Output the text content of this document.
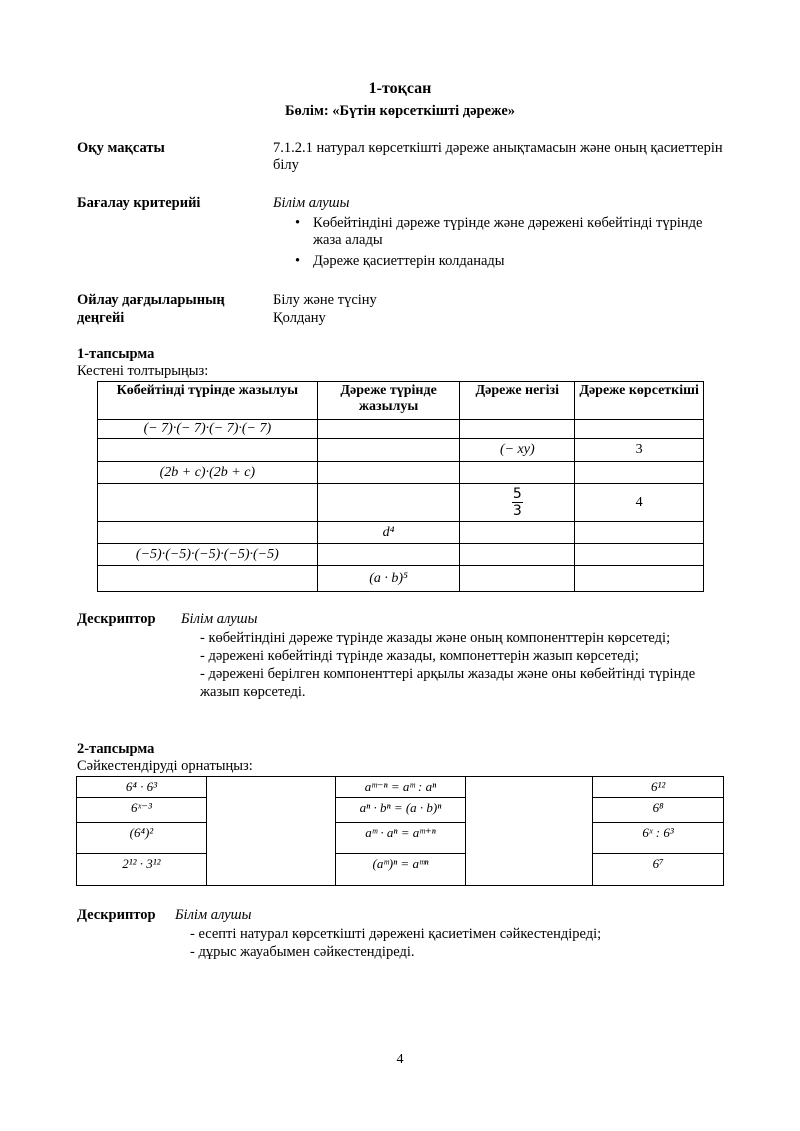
1-тоқсан
Бөлім: «Бүтін көрсеткішті дәреже»
Оқу мақсаты	7.1.2.1 натурал көрсеткішті дәреже анықтамасын және оның қасиеттерін білу
Бағалау критерийі	Білім алушы
• Көбейтіндіні дәреже түрінде және дәрежені көбейтінді түрінде жаза алады
• Дәреже қасиеттерін колданады
Ойлау дағдыларының
деңгейі
Білу және түсіну
Қолдану
1-тапсырма
Кестені толтырыңыз:
Көбейтінді түрінде жазылуы	Дәреже түрінде жазылуы	Дәреже негізі	Дәреже көрсеткіші
(− 7)·(− 7)·(− 7)·(− 7)			
		(− xy)	3
(2b + c)·(2b + c)			

		$\frac{5}{3}$	4
	d⁴		
(−5)·(−5)·(−5)·(−5)·(−5)			
	(a · b)⁵		
Дескриптор Білім алушы
- көбейтіндіні дәреже түрінде жазады және оның компоненттерін көрсетеді;
- дәрежені көбейтінді түрінде жазады, компонеттерін жазып көрсетеді;
- дәрежені берілген компоненттері арқылы жазады және оны көбейтінді түрінде жазып көрсетеді.
2-тапсырма
Сәйкестендіруді орнатыңыз:
6⁴ · 6³		aᵐ⁻ⁿ = aᵐ : aⁿ		6¹²
6ˣ⁻³		aⁿ · bⁿ = (a · b)ⁿ		6⁸
(6⁴)²		aᵐ · aⁿ = aᵐ⁺ⁿ		6ˣ : 6³
2¹² · 3¹²		(aᵐ)ⁿ = aᵐⁿ		6⁷
Дескриптор Білім алушы
- есепті натурал көрсеткішті дәрежені қасиетімен сәйкестендіреді;
- дұрыс жауабымен сәйкестендіреді.
4
